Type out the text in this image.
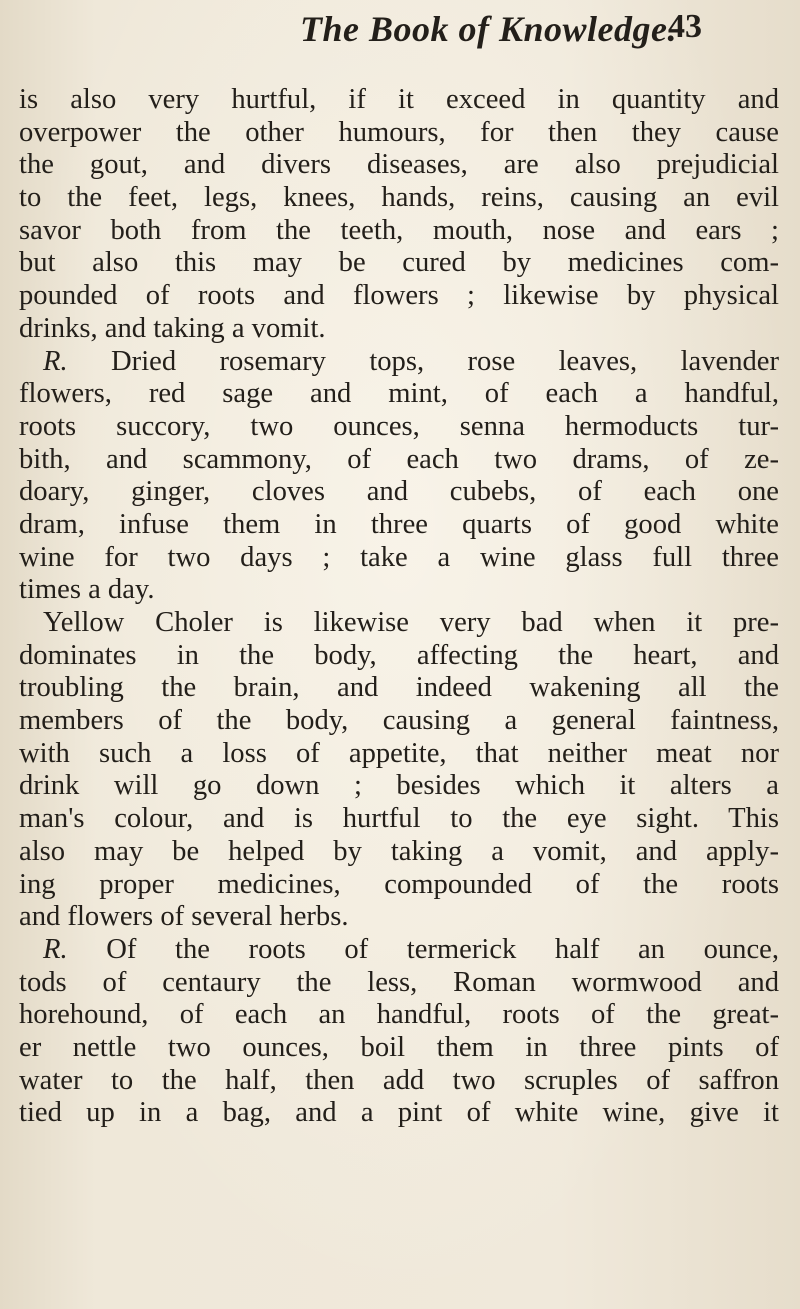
The Book of Knowledge.
43
is also very hurtful, if it exceed in quantity and
overpower the other humours, for then they cause
the gout, and divers diseases, are also prejudicial
to the feet, legs, knees, hands, reins, causing an evil
savor both from the teeth, mouth, nose and ears ;
but also this may be cured by medicines com-
pounded of roots and flowers ; likewise by physical
drinks, and taking a vomit.
R. Dried rosemary tops, rose leaves, lavender
flowers, red sage and mint, of each a handful,
roots succory, two ounces, senna hermoducts tur-
bith, and scammony, of each two drams, of ze-
doary, ginger, cloves and cubebs, of each one
dram, infuse them in three quarts of good white
wine for two days ; take a wine glass full three
times a day.
Yellow Choler is likewise very bad when it pre-
dominates in the body, affecting the heart, and
troubling the brain, and indeed wakening all the
members of the body, causing a general faintness,
with such a loss of appetite, that neither meat nor
drink will go down ; besides which it alters a
man's colour, and is hurtful to the eye sight. This
also may be helped by taking a vomit, and apply-
ing proper medicines, compounded of the roots
and flowers of several herbs.
R. Of the roots of termerick half an ounce,
tods of centaury the less, Roman wormwood and
horehound, of each an handful, roots of the great-
er nettle two ounces, boil them in three pints of
water to the half, then add two scruples of saffron
tied up in a bag, and a pint of white wine, give it
